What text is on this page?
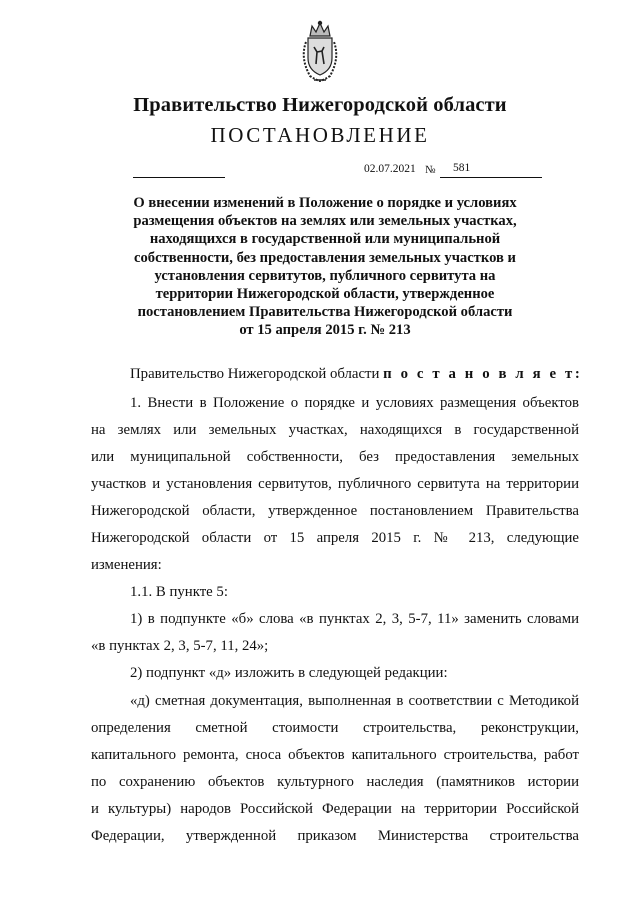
Правительство Нижегородской области
ПОСТАНОВЛЕНИЕ
02.07.2021 № 581
О внесении изменений в Положение о порядке и условиях
размещения объектов на землях или земельных участках,
находящихся в государственной или муниципальной
собственности, без предоставления земельных участков и
установления сервитутов, публичного сервитута на
территории Нижегородской области, утвержденное
постановлением Правительства Нижегородской области
от 15 апреля 2015 г. № 213
Правительство Нижегородской области п о с т а н о в л я е т:
1. Внести в Положение о порядке и условиях размещения объектов
на землях или земельных участках, находящихся в государственной
или муниципальной собственности, без предоставления земельных
участков и установления сервитутов, публичного сервитута на территории
Нижегородской области, утвержденное постановлением Правительства
Нижегородской области от 15 апреля 2015 г. № 213, следующие
изменения:
1.1. В пункте 5:
1) в подпункте «б» слова «в пунктах 2, 3, 5-7, 11» заменить словами
«в пунктах 2, 3, 5-7, 11, 24»;
2) подпункт «д» изложить в следующей редакции:
«д) сметная документация, выполненная в соответствии с Методикой
определения сметной стоимости строительства, реконструкции,
капитального ремонта, сноса объектов капитального строительства, работ
по сохранению объектов культурного наследия (памятников истории
и культуры) народов Российской Федерации на территории Российской
Федерации, утвержденной приказом Министерства строительства
